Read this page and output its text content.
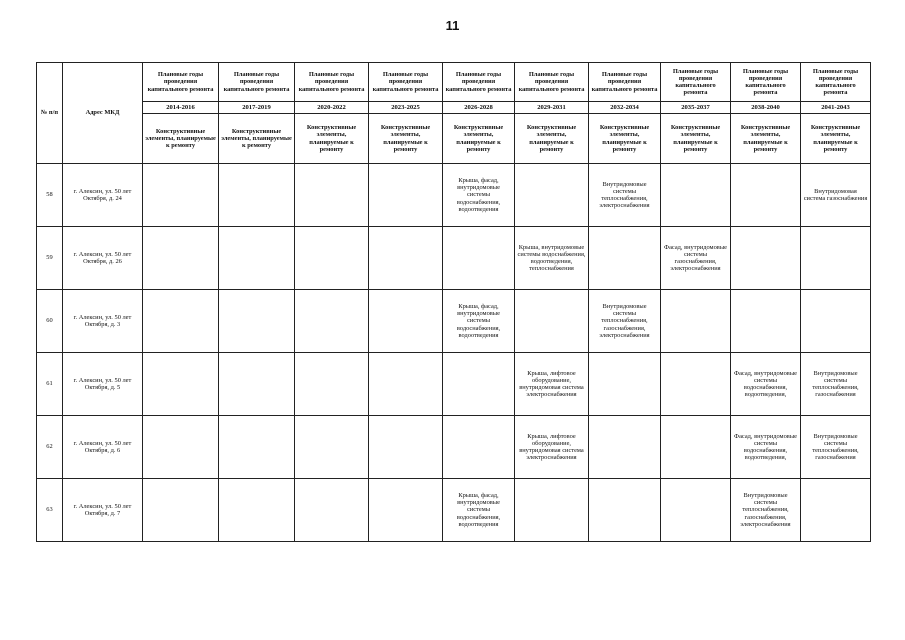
11
№ п/п	Адрес МКД	Плановые годы проведения капитального ремонта	Плановые годы проведения капитального ремонта	Плановые годы проведения капитального ремонта	Плановые годы проведения капитального ремонта	Плановые годы проведения капитального ремонта	Плановые годы проведения капитального ремонта	Плановые годы проведения капитального ремонта	Плановые годы проведения капитального ремонта	Плановые годы проведения капитального ремонта	Плановые годы проведения капитального ремонта
		2014-2016	2017-2019	2020-2022	2023-2025	2026-2028	2029-2031	2032-2034	2035-2037	2038-2040	2041-2043
		Конструктивные элементы, планируемые к ремонту	Конструктивные элементы, планируемые к ремонту	Конструктивные элементы, планируемые к ремонту	Конструктивные элементы, планируемые к ремонту	Конструктивные элементы, планируемые к ремонту	Конструктивные элементы, планируемые к ремонту	Конструктивные элементы, планируемые к ремонту	Конструктивные элементы, планируемые к ремонту	Конструктивные элементы, планируемые к ремонту	Конструктивные элементы, планируемые к ремонту
58	г. Алексин, ул. 50 лет Октября, д. 24					Крыша, фасад, внутридомовые системы водоснабжения, водоотведения		Внутридомовые системы теплоснабжения, электроснабжения			Внутридомовая система газоснабжения
59	г. Алексин, ул. 50 лет Октября, д. 26						Крыша, внутридомовые системы водоснабжения, водоотведения, теплоснабжения		Фасад, внутридомовые системы газоснабжения, электроснабжения		
60	г. Алексин, ул. 50 лет Октября, д. 3					Крыша, фасад, внутридомовые системы водоснабжения, водоотведения		Внутридомовые системы теплоснабжения, газоснабжения, электроснабжения			
61	г. Алексин, ул. 50 лет Октября, д. 5						Крыша, лифтовое оборудование, внутридомовая система электроснабжения			Фасад, внутридомовые системы водоснабжения, водоотведения,	Внутридомовые системы теплоснабжения, газоснабжения
62	г. Алексин, ул. 50 лет Октября, д. 6						Крыша, лифтовое оборудование, внутридомовая система электроснабжения			Фасад, внутридомовые системы водоснабжения, водоотведения,	Внутридомовые системы теплоснабжения, газоснабжения
63	г. Алексин, ул. 50 лет Октября, д. 7					Крыша, фасад, внутридомовые системы водоснабжения, водоотведения				Внутридомовые системы теплоснабжения, газоснабжения, электроснабжения	
